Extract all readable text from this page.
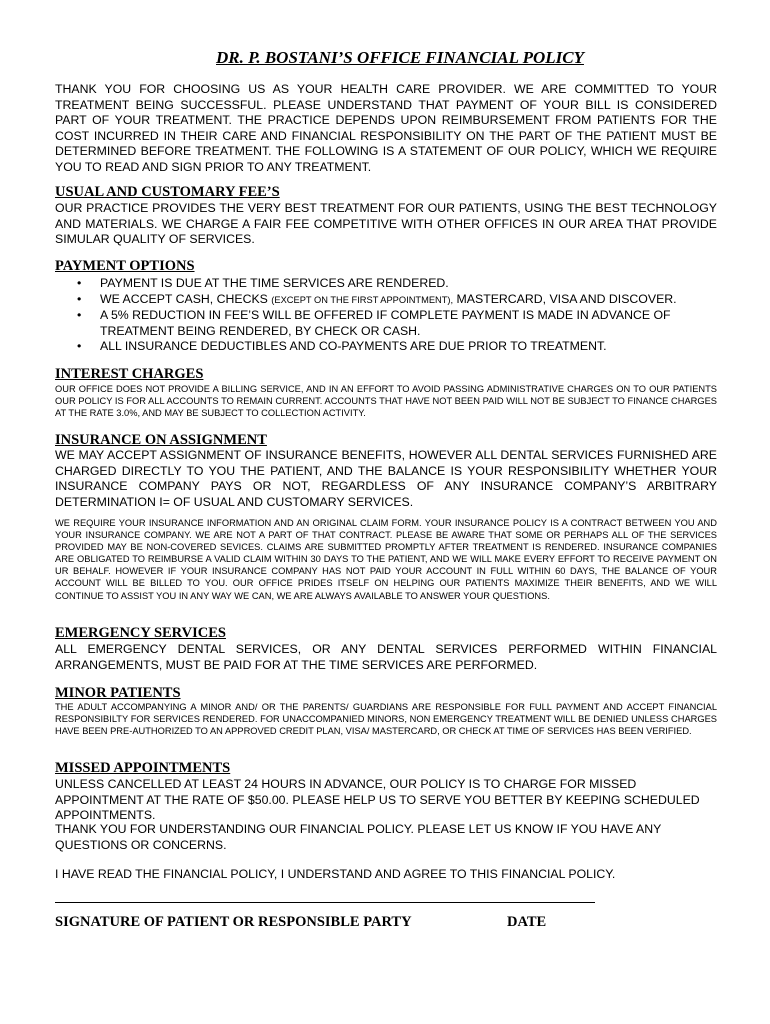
DR. P. BOSTANI’S OFFICE FINANCIAL POLICY
THANK YOU FOR CHOOSING US AS YOUR HEALTH CARE PROVIDER. WE ARE COMMITTED TO YOUR TREATMENT BEING SUCCESSFUL. PLEASE UNDERSTAND THAT PAYMENT OF YOUR BILL IS CONSIDERED PART OF YOUR TREATMENT. THE PRACTICE DEPENDS UPON REIMBURSEMENT FROM PATIENTS FOR THE COST INCURRED IN THEIR CARE AND FINANCIAL RESPONSIBILITY ON THE PART OF THE PATIENT MUST BE DETERMINED BEFORE TREATMENT. THE FOLLOWING IS A STATEMENT OF OUR POLICY, WHICH WE REQUIRE YOU TO READ AND SIGN PRIOR TO ANY TREATMENT.
USUAL AND CUSTOMARY FEE’S
OUR PRACTICE PROVIDES THE VERY BEST TREATMENT FOR OUR PATIENTS, USING THE BEST TECHNOLOGY AND MATERIALS. WE CHARGE A FAIR FEE COMPETITIVE WITH OTHER OFFICES IN OUR AREA THAT PROVIDE SIMULAR QUALITY OF SERVICES.
PAYMENT OPTIONS
• PAYMENT IS DUE AT THE TIME SERVICES ARE RENDERED.
• WE ACCEPT CASH, CHECKS (EXCEPT ON THE FIRST APPOINTMENT), MASTERCARD, VISA AND DISCOVER.
• A 5% REDUCTION IN FEE’S WILL BE OFFERED IF COMPLETE PAYMENT IS MADE IN ADVANCE OF TREATMENT BEING RENDERED, BY CHECK OR CASH.
• ALL INSURANCE DEDUCTIBLES AND CO-PAYMENTS ARE DUE PRIOR TO TREATMENT.
INTEREST CHARGES
OUR OFFICE DOES NOT PROVIDE A BILLING SERVICE, AND IN AN EFFORT TO AVOID PASSING ADMINISTRATIVE CHARGES ON TO OUR PATIENTS OUR POLICY IS FOR ALL ACCOUNTS TO REMAIN CURRENT. ACCOUNTS THAT HAVE NOT BEEN PAID WILL NOT BE SUBJECT TO FINANCE CHARGES AT THE RATE 3.0%, AND MAY BE SUBJECT TO COLLECTION ACTIVITY.
INSURANCE ON ASSIGNMENT
WE MAY ACCEPT ASSIGNMENT OF INSURANCE BENEFITS, HOWEVER ALL DENTAL SERVICES FURNISHED ARE CHARGED DIRECTLY TO YOU THE PATIENT, AND THE BALANCE IS YOUR RESPONSIBILITY WHETHER YOUR INSURANCE COMPANY PAYS OR NOT, REGARDLESS OF ANY INSURANCE COMPANY’S ARBITRARY DETERMINATION I= OF USUAL AND CUSTOMARY SERVICES.
WE REQUIRE YOUR INSURANCE INFORMATION AND AN ORIGINAL CLAIM FORM. YOUR INSURANCE POLICY IS A CONTRACT BETWEEN YOU AND YOUR INSURANCE COMPANY. WE ARE NOT A PART OF THAT CONTRACT. PLEASE BE AWARE THAT SOME OR PERHAPS ALL OF THE SERVICES PROVIDED MAY BE NON-COVERED SEVICES. CLAIMS ARE SUBMITTED PROMPTLY AFTER TREATMENT IS RENDERED. INSURANCE COMPANIES ARE OBLIGATED TO REIMBURSE A VALID CLAIM WITHIN 30 DAYS TO THE PATIENT, AND WE WILL MAKE EVERY EFFORT TO RECEIVE PAYMENT ON UR BEHALF. HOWEVER IF YOUR INSURANCE COMPANY HAS NOT PAID YOUR ACCOUNT IN FULL WITHIN 60 DAYS, THE BALANCE OF YOUR ACCOUNT WILL BE BILLED TO YOU. OUR OFFICE PRIDES ITSELF ON HELPING OUR PATIENTS MAXIMIZE THEIR BENEFITS, AND WE WILL CONTINUE TO ASSIST YOU IN ANY WAY WE CAN, WE ARE ALWAYS AVAILABLE TO ANSWER YOUR QUESTIONS.
EMERGENCY SERVICES
ALL EMERGENCY DENTAL SERVICES, OR ANY DENTAL SERVICES PERFORMED WITHIN FINANCIAL ARRANGEMENTS, MUST BE PAID FOR AT THE TIME SERVICES ARE PERFORMED.
MINOR PATIENTS
THE ADULT ACCOMPANYING A MINOR AND/ OR THE PARENTS/ GUARDIANS ARE RESPONSIBLE FOR FULL PAYMENT AND ACCEPT FINANCIAL RESPONSIBILTY FOR SERVICES RENDERED. FOR UNACCOMPANIED MINORS, NON EMERGENCY TREATMENT WILL BE DENIED UNLESS CHARGES HAVE BEEN PRE-AUTHORIZED TO AN APPROVED CREDIT PLAN, VISA/ MASTERCARD, OR CHECK AT TIME OF SERVICES HAS BEEN VERIFIED.
MISSED APPOINTMENTS
UNLESS CANCELLED AT LEAST 24 HOURS IN ADVANCE, OUR POLICY IS TO CHARGE FOR MISSED APPOINTMENT AT THE RATE OF $50.00. PLEASE HELP US TO SERVE YOU BETTER BY KEEPING SCHEDULED APPOINTMENTS.
THANK YOU FOR UNDERSTANDING OUR FINANCIAL POLICY. PLEASE LET US KNOW IF YOU HAVE ANY QUESTIONS OR CONCERNS.
I HAVE READ THE FINANCIAL POLICY, I UNDERSTAND AND AGREE TO THIS FINANCIAL POLICY.
SIGNATURE OF PATIENT OR RESPONSIBLE PARTY	DATE
